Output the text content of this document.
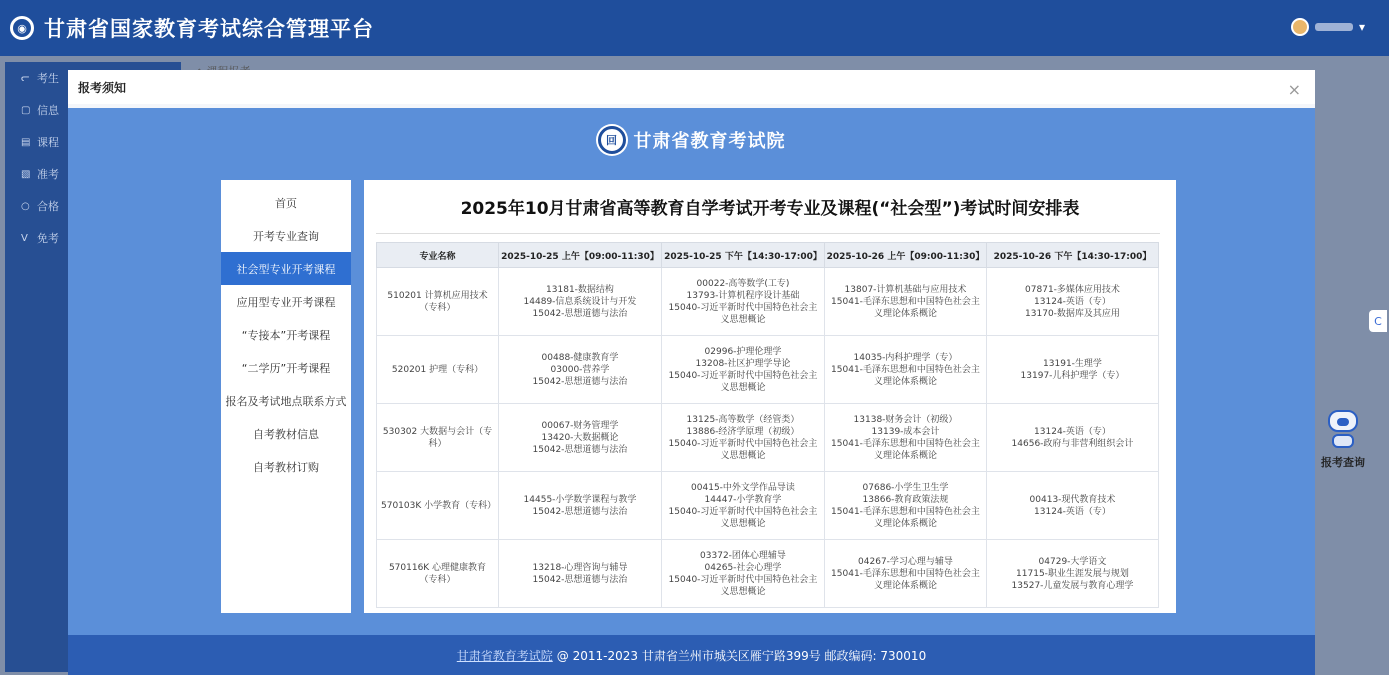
◉ 甘肃省国家教育考试综合管理平台	▾
ᓕ 考生
▢ 信息
▤ 课程
▧ 准考
○ 合格
V 免考
C
报考查询
报考须知	×
回 甘肃省教育考试院
首页
开考专业查询
社会型专业开考课程
应用型专业开考课程
“专接本”开考课程
“二学历”开考课程
报名及考试地点联系方式
自考教材信息
自考教材订购
2025年10月甘肃省高等教育自学考试开考专业及课程(“社会型”)考试时间安排表
专业名称	2025-10-25 上午【09:00-11:30】	2025-10-25 下午【14:30-17:00】	2025-10-26 上午【09:00-11:30】	2025-10-26 下午【14:30-17:00】
510201 计算机应用技术（专科）	13181-数据结构
14489-信息系统设计与开发
15042-思想道德与法治	00022-高等数学(工专)
13793-计算机程序设计基础
15040-习近平新时代中国特色社会主义思想概论	13807-计算机基础与应用技术
15041-毛泽东思想和中国特色社会主义理论体系概论	07871-多媒体应用技术
13124-英语（专）
13170-数据库及其应用

520201 护理（专科）	00488-健康教育学
03000-营养学
15042-思想道德与法治	02996-护理伦理学
13208-社区护理学导论
15040-习近平新时代中国特色社会主义思想概论	14035-内科护理学（专）
15041-毛泽东思想和中国特色社会主义理论体系概论	13191-生理学
13197-儿科护理学（专）

530302 大数据与会计（专科）	00067-财务管理学
13420-大数据概论
15042-思想道德与法治	13125-高等数学（经管类）
13886-经济学原理（初级）
15040-习近平新时代中国特色社会主义思想概论	13138-财务会计（初级）
13139-成本会计
15041-毛泽东思想和中国特色社会主义理论体系概论	13124-英语（专）
14656-政府与非营利组织会计

570103K 小学教育（专科）	14455-小学数学课程与教学
15042-思想道德与法治	00415-中外文学作品导读
14447-小学教育学
15040-习近平新时代中国特色社会主义思想概论	07686-小学生卫生学
13866-教育政策法规
15041-毛泽东思想和中国特色社会主义理论体系概论	00413-现代教育技术
13124-英语（专）

570116K 心理健康教育（专科）	13218-心理咨询与辅导
15042-思想道德与法治	03372-团体心理辅导
04265-社会心理学
15040-习近平新时代中国特色社会主义思想概论	04267-学习心理与辅导
15041-毛泽东思想和中国特色社会主义理论体系概论	04729-大学语文
11715-职业生涯发展与规划
13527-儿童发展与教育心理学
甘肃省教育考试院 @ 2011-2023 甘肃省兰州市城关区雁宁路399号 邮政编码: 730010
